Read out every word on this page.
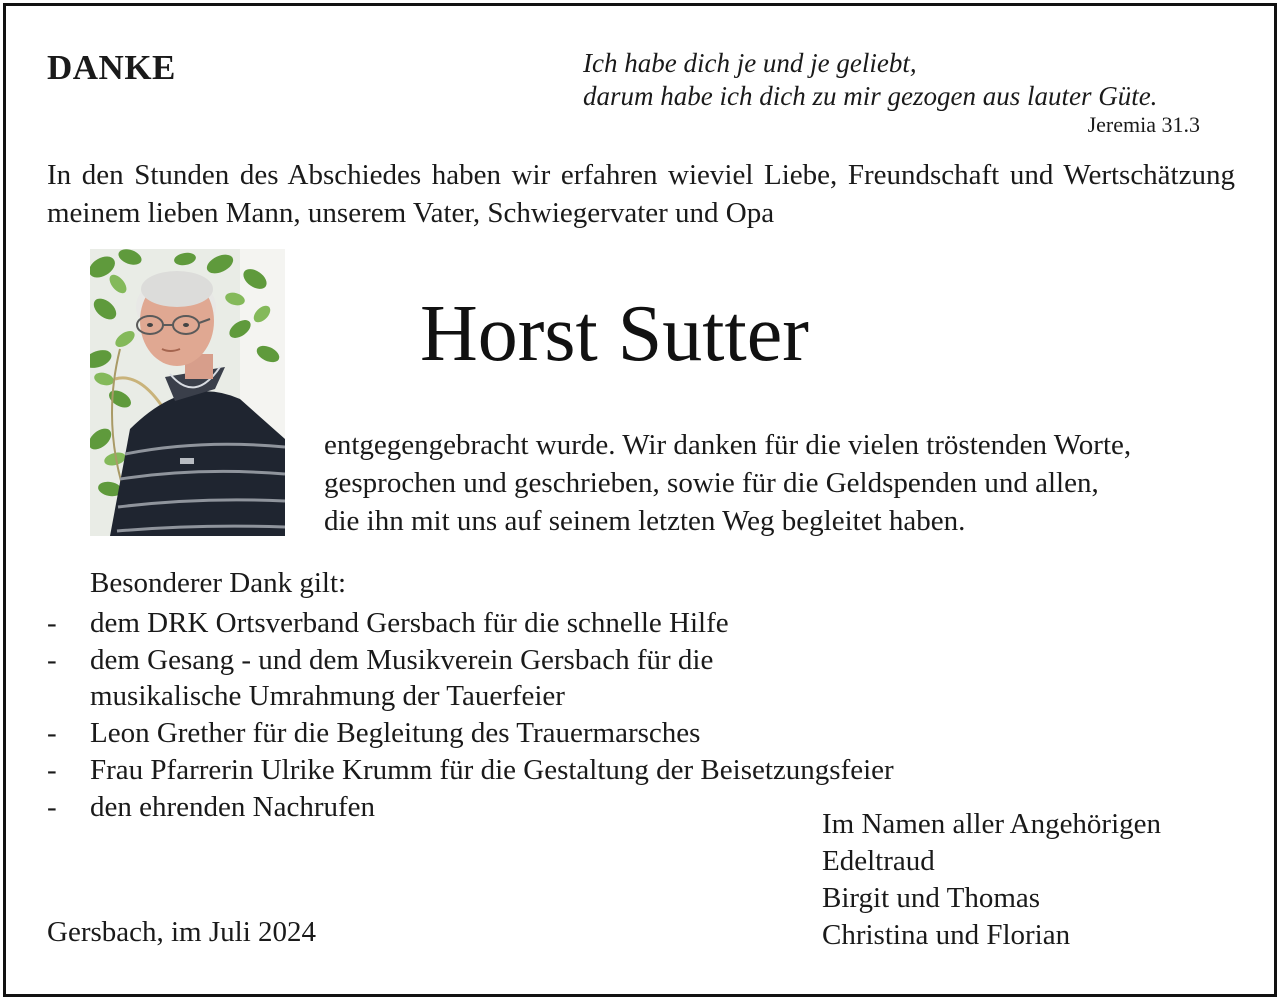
DANKE	Ich habe dich je und je geliebt,
darum habe ich dich zu mir gezogen aus lauter Güte.
Jeremia 31.3
In den Stunden des Abschiedes haben wir erfahren wieviel Liebe, Freundschaft und Wertschätzung meinem lieben Mann, unserem Vater, Schwiegervater und Opa
Horst Sutter
entgegengebracht wurde. Wir danken für die vielen tröstenden Worte,
gesprochen und geschrieben, sowie für die Geldspenden und allen,
die ihn mit uns auf seinem letzten Weg begleitet haben.
Besonderer Dank gilt:
- dem DRK Ortsverband Gersbach für die schnelle Hilfe
- dem Gesang - und dem Musikverein Gersbach für die
musikalische Umrahmung der Tauerfeier
- Leon Grether für die Begleitung des Trauermarsches
- Frau Pfarrerin Ulrike Krumm für die Gestaltung der Beisetzungsfeier
- den ehrenden Nachrufen
Im Namen aller Angehörigen
Edeltraud
Birgit und Thomas
Christina und Florian
Gersbach, im Juli 2024
